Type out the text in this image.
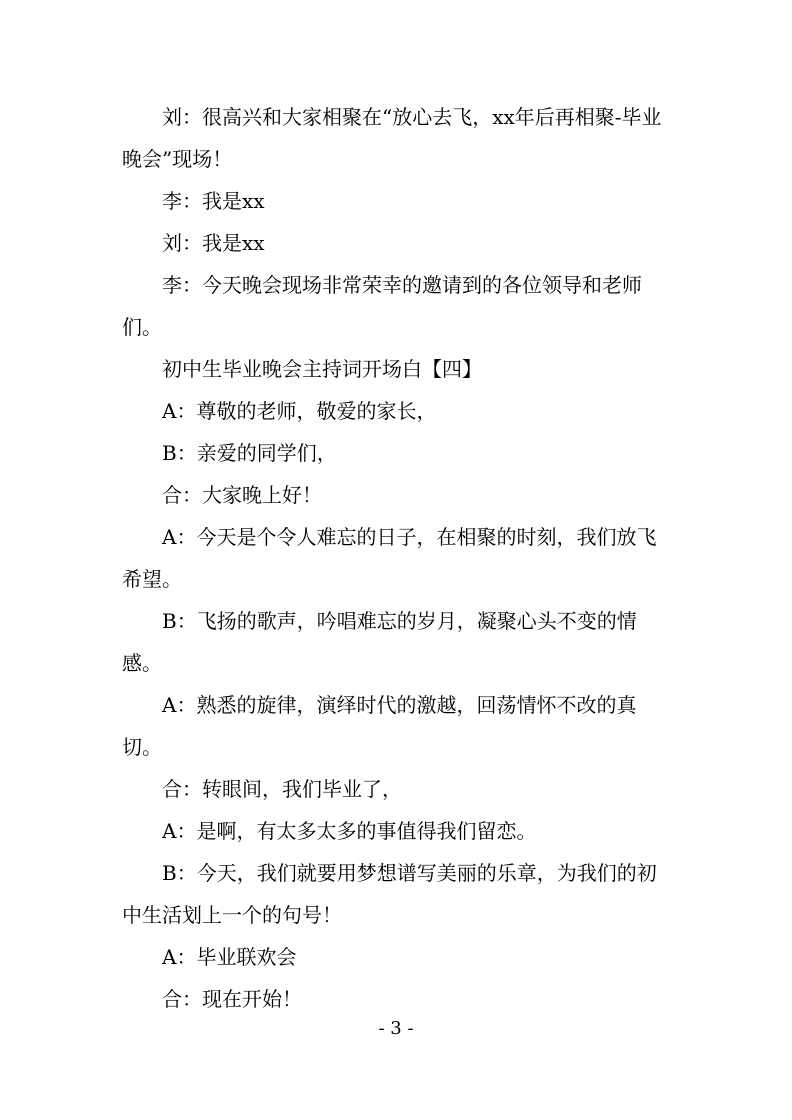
刘：很高兴和大家相聚在“放心去飞，xx年后再相聚-毕业晚会”现场！

李：我是xx

刘：我是xx

李：今天晚会现场非常荣幸的邀请到的各位领导和老师们。

初中生毕业晚会主持词开场白【四】

A：尊敬的老师，敬爱的家长，

B：亲爱的同学们，

合：大家晚上好！

A：今天是个令人难忘的日子，在相聚的时刻，我们放飞希望。

B：飞扬的歌声，吟唱难忘的岁月，凝聚心头不变的情感。

A：熟悉的旋律，演绎时代的激越，回荡情怀不改的真切。

合：转眼间，我们毕业了，

A：是啊，有太多太多的事值得我们留恋。

B：今天，我们就要用梦想谱写美丽的乐章，为我们的初中生活划上一个的句号！

A：毕业联欢会

合：现在开始！

- 3 -
